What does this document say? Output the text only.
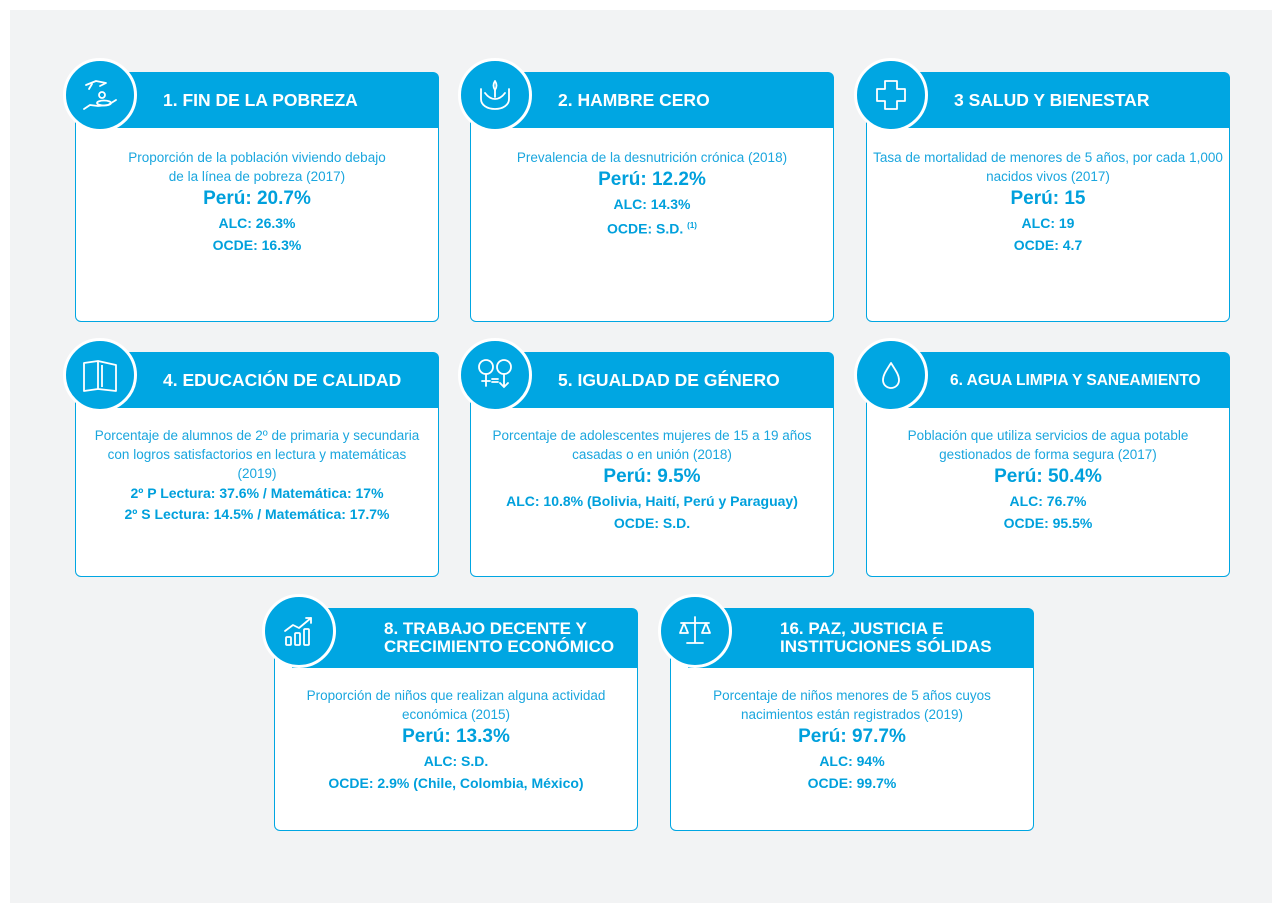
1. FIN DE LA POBREZA
Proporción de la población viviendo debajo de la línea de pobreza (2017)
Perú: 20.7%
ALC: 26.3%
OCDE: 16.3%
2. HAMBRE CERO
Prevalencia de la desnutrición crónica (2018)
Perú: 12.2%
ALC: 14.3%
OCDE: S.D. $^{(1)}$
3 SALUD Y BIENESTAR
Tasa de mortalidad de menores de 5 años, por cada 1,000 nacidos vivos (2017)
Perú: 15
ALC: 19
OCDE: 4.7
4. EDUCACIÓN DE CALIDAD
Porcentaje de alumnos de 2º de primaria y secundaria con logros satisfactorios en lectura y matemáticas (2019)
2º P Lectura: 37.6% / Matemática: 17%
2º S Lectura: 14.5% / Matemática: 17.7%
5. IGUALDAD DE GÉNERO
Porcentaje de adolescentes mujeres de 15 a 19 años casadas o en unión (2018)
Perú: 9.5%
ALC: 10.8% (Bolivia, Haití, Perú y Paraguay)
OCDE: S.D.
6. AGUA LIMPIA Y SANEAMIENTO
Población que utiliza servicios de agua potable gestionados de forma segura (2017)
Perú: 50.4%
ALC: 76.7%
OCDE: 95.5%
8. TRABAJO DECENTE Y CRECIMIENTO ECONÓMICO
Proporción de niños que realizan alguna actividad económica (2015)
Perú: 13.3%
ALC: S.D.
OCDE: 2.9% (Chile, Colombia, México)
16. PAZ, JUSTICIA E INSTITUCIONES SÓLIDAS
Porcentaje de niños menores de 5 años cuyos nacimientos están registrados (2019)
Perú: 97.7%
ALC: 94%
OCDE: 99.7%
